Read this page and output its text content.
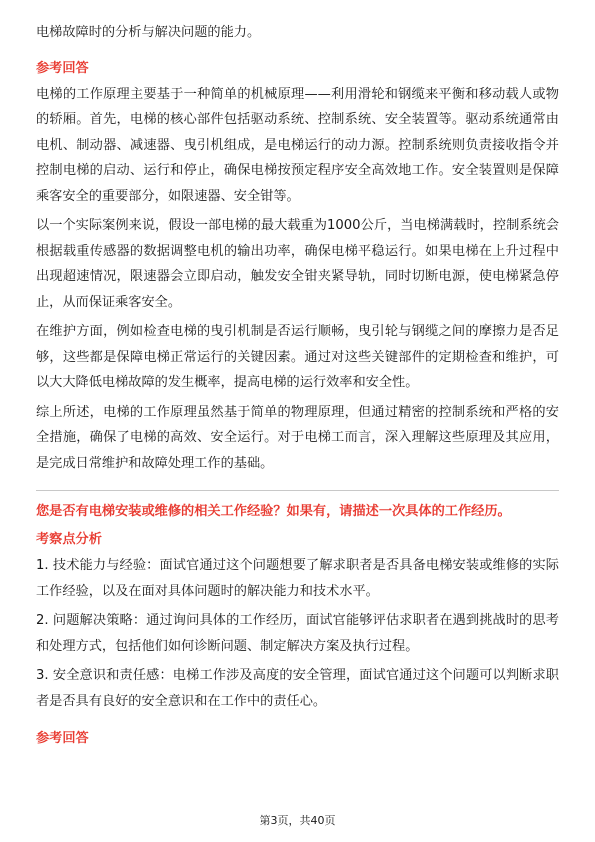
电梯故障时的分析与解决问题的能力。

参考回答

电梯的工作原理主要基于一种简单的机械原理——利用滑轮和钢缆来平衡和移动载人或物的轿厢。首先，电梯的核心部件包括驱动系统、控制系统、安全装置等。驱动系统通常由电机、制动器、减速器、曳引机组成，是电梯运行的动力源。控制系统则负责接收指令并控制电梯的启动、运行和停止，确保电梯按预定程序安全高效地工作。安全装置则是保障乘客安全的重要部分，如限速器、安全钳等。

以一个实际案例来说，假设一部电梯的最大载重为1000公斤，当电梯满载时，控制系统会根据载重传感器的数据调整电机的输出功率，确保电梯平稳运行。如果电梯在上升过程中出现超速情况，限速器会立即启动，触发安全钳夹紧导轨，同时切断电源，使电梯紧急停止，从而保证乘客安全。

在维护方面，例如检查电梯的曳引机制是否运行顺畅，曳引轮与钢缆之间的摩擦力是否足够，这些都是保障电梯正常运行的关键因素。通过对这些关键部件的定期检查和维护，可以大大降低电梯故障的发生概率，提高电梯的运行效率和安全性。

综上所述，电梯的工作原理虽然基于简单的物理原理，但通过精密的控制系统和严格的安全措施，确保了电梯的高效、安全运行。对于电梯工而言，深入理解这些原理及其应用，是完成日常维护和故障处理工作的基础。

您是否有电梯安装或维修的相关工作经验？如果有，请描述一次具体的工作经历。

考察点分析

1. 技术能力与经验：面试官通过这个问题想要了解求职者是否具备电梯安装或维修的实际工作经验，以及在面对具体问题时的解决能力和技术水平。

2. 问题解决策略：通过询问具体的工作经历，面试官能够评估求职者在遇到挑战时的思考和处理方式，包括他们如何诊断问题、制定解决方案及执行过程。

3. 安全意识和责任感：电梯工作涉及高度的安全管理，面试官通过这个问题可以判断求职者是否具有良好的安全意识和在工作中的责任心。

参考回答

第3页，共40页
